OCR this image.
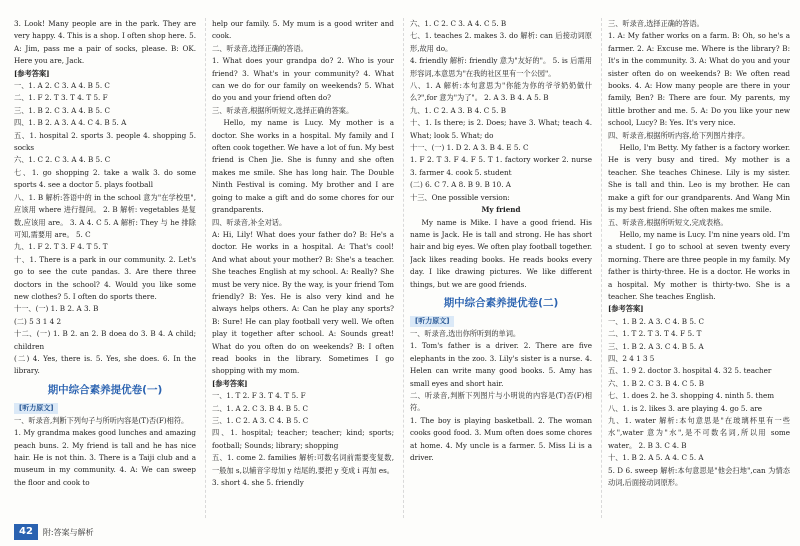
3. Look! Many people are in the park. They are very happy. 4. This is a shop. I often shop here. 5. A: Jim, pass me a pair of socks, please. B: OK. Here you are, Jack.
[参考答案]
一、1. A 2. C 3. A 4. B 5. C
二、1. F 2. T 3. T 4. T 5. F
三、1. B 2. C 3. A 4. B 5. C
四、1. B 2. A 3. A 4. C 4. B 5. A
五、1. hospital 2. sports 3. people 4. shopping 5. socks
六、1. C 2. C 3. A 4. B 5. C
七、1. go shopping 2. take a walk 3. do some sports 4. see a doctor 5. plays football
八、1. B 解析:答语中的 in the school 意为"在学校里",应该用 where 进行提问。 2. B 解析: vegetables 是复数,应该用 are。 3. A 4. C 5. A 解析: They 与 he 排除可知,需要用 are。 5. C
九、1. F 2. T 3. F 4. T 5. T
十、1. There is a park in our community. 2. Let's go to see the cute pandas. 3. Are there three doctors in the school? 4. Would you like some new clothes? 5. I often do sports there.
十一、(一) 1. B 2. A 3. B
(二) 5 3 1 4 2
十二、(一) 1. B 2. an 2. B doea do 3. B 4. A child; children
(二) 4. Yes, there is. 5. Yes, she does. 6. In the library.
期中综合素养提优卷(一)
[听力原文]
一、听录音,判断下列句子与所听内容是(T)否(F)相符。
1. My grandma makes good lunches and amazing peach buns. 2. My friend is tall and he has nice hair. He is not thin. 3. There is a Taiji club and a museum in my community. 4. A: We can sweep the floor and cook to
help our family. 5. My mum is a good writer and cook.
二、听录音,选择正确的答语。
1. What does your grandpa do? 2. Who is your friend? 3. What's in your community? 4. What can we do for our family on weekends? 5. What do you and your friend often do?
三、听录音,根据所听短文,选择正确的答案。
Hello, my name is Lucy. My mother is a doctor. She works in a hospital. My family and I often cook together. We have a lot of fun. My best friend is Chen Jie. She is funny and she often makes me smile. She has long hair. The Double Ninth Festival is coming. My brother and I are going to make a gift and do some chores for our grandparents.
四、听录音,补全对话。
A: Hi, Lily! What does your father do? B: He's a doctor. He works in a hospital. A: That's cool! And what about your mother? B: She's a teacher. She teaches English at my school. A: Really? She must be very nice. By the way, is your friend Tom friendly? B: Yes. He is also very kind and he always helps others. A: Can he play any sports? B: Sure! He can play football very well. We often play it together after school. A: Sounds great! What do you often do on weekends? B: I often read books in the library. Sometimes I go shopping with my mom.
[参考答案]
一、1. T 2. F 3. T 4. T 5. F
二、1. A 2. C 3. B 4. B 5. C
三、1. C 2. A 3. C 4. B 5. C
四、1. hospital; teacher; teacher; kind; sports; football; Sounds; library; shopping
五、1. come 2. families 解析:可数名词前需要变复数,一般加 s,以辅音字母加 y 结尾的,要把 y 变成 i 再加 es。 3. short 4. she 5. friendly
六、1. C 2. C 3. A 4. C 5. B
七、1. teaches 2. makes 3. do 解析: can 后接动词原形,故用 do。
4. friendly 解析: friendly 意为"友好的"。 5. is 后需用形容词,本意思为"在我的社区里有一个公园"。
八、1. A 解析:本句意思为"你能为你的爷爷奶奶做什么?",for 意为"为了"。 2. A 3. B 4. A 5. B
九、1. C 2. A 3. B 4. C 5. B
十、1. Is there; is 2. Does; have 3. What; teach 4. What; look 5. What; do
十一、(一) 1. D 2. A 3. B 4. E 5. C
1. F 2. T 3. F 4. F 5. T 1. factory worker 2. nurse 3. farmer 4. cook 5. student
(二) 6. C 7. A 8. B 9. B 10. A
十三、One possible version:
My friend
My name is Mike. I have a good friend. His name is Jack. He is tall and strong. He has short hair and big eyes. We often play football together. Jack likes reading books. He reads books every day. I like drawing pictures. We like different things, but we are good friends.
期中综合素养提优卷(二)
[听力原文]
一、听录音,选出你所听到的单词。
1. Tom's father is a driver. 2. There are five elephants in the zoo. 3. Lily's sister is a nurse. 4. Helen can write many good books. 5. Amy has small eyes and short hair.
二、听录音,判断下列图片与小明说的内容是(T)否(F)相符。
1. The boy is playing basketball. 2. The woman cooks good food. 3. Mum often does some chores at home. 4. My uncle is a farmer. 5. Miss Li is a driver.
三、听录音,选择正确的答语。
1. A: My father works on a farm. B: Oh, so he's a farmer. 2. A: Excuse me. Where is the library? B: It's in the community. 3. A: What do you and your sister often do on weekends? B: We often read books. 4. A: How many people are there in your family, Ben? B: There are four. My parents, my little brother and me. 5. A: Do you like your new school, Lucy? B: Yes. It's very nice.
四、听录音,根据所听内容,给下列图片排序。
Hello, I'm Betty. My father is a factory worker. He is very busy and tired. My mother is a teacher. She teaches Chinese. Lily is my sister. She is tall and thin. Leo is my brother. He can make a gift for our grandparents. And Wang Min is my best friend. She often makes me smile.
五、听录音,根据所听短文,完成表格。
Hello, my name is Lucy. I'm nine years old. I'm a student. I go to school at seven twenty every morning. There are three people in my family. My father is thirty-three. He is a doctor. He works in a hospital. My mother is thirty-two. She is a teacher. She teaches English.
[参考答案]
一、1. B 2. A 3. C 4. B 5. C
二、1. T 2. T 3. T 4. F 5. T
三、1. B 2. A 3. C 4. B 5. A
四、2 4 1 3 5
五、1. 9 2. doctor 3. hospital 4. 32 5. teacher
六、1. B 2. C 3. B 4. C 5. B
七、1. does 2. he 3. shopping 4. ninth 5. them
八、1. is 2. likes 3. are playing 4. go 5. are
九、1. water 解析:本句意思是"在玻璃杯里有一些水",water 意为"水",是不可数名词,所以用 some water。 2. B 3. C 4. B
十、1. B 2. A 5. A 4. C 5. A
5. D 6. sweep 解析:本句意思是"他会扫地",can 为情态动词,后面接动词原形。
42	附:答案与解析
